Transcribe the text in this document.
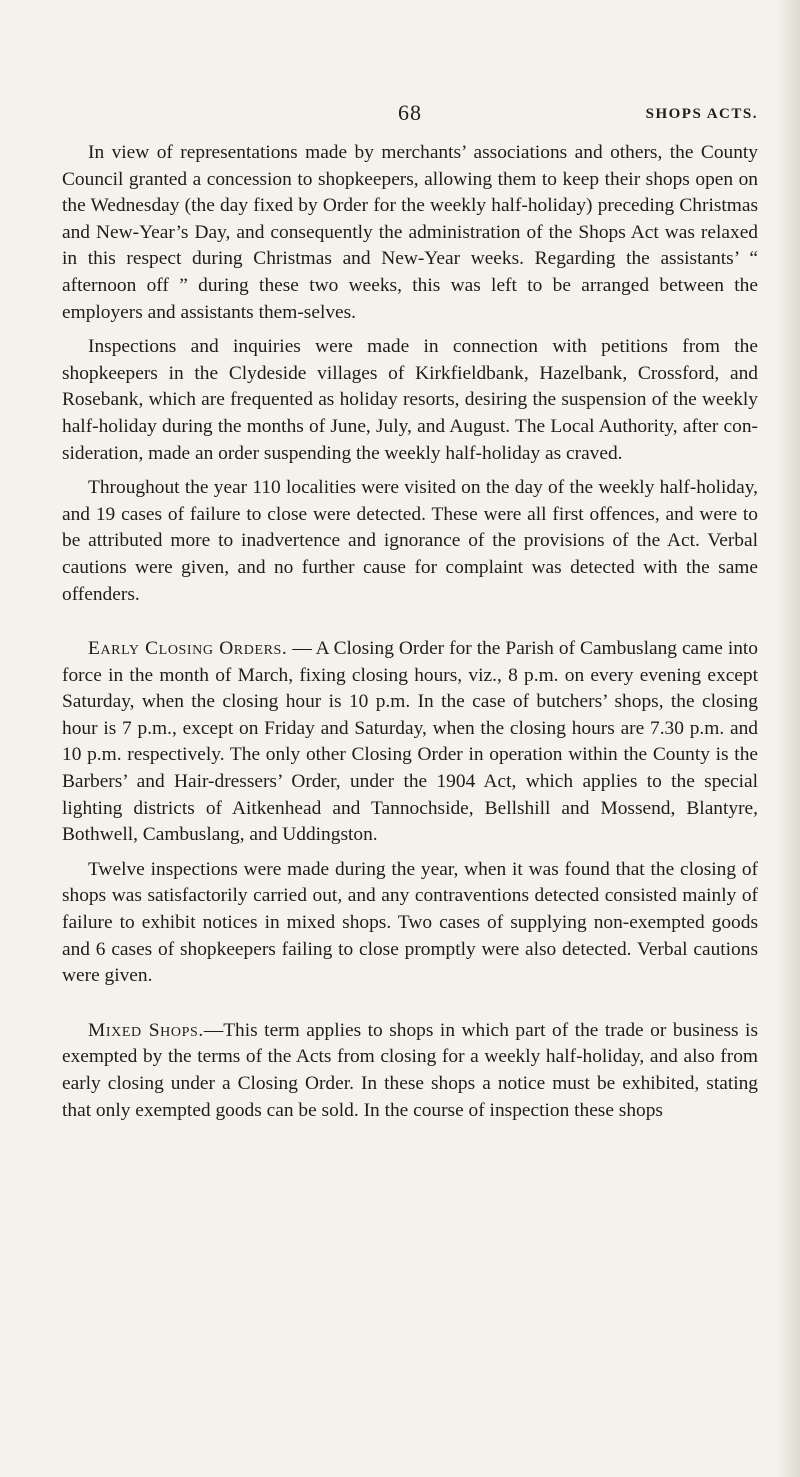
68	SHOPS ACTS.

In view of representations made by merchants’ associations and others, the County Council granted a concession to shopkeepers, allowing them to keep their shops open on the Wednesday (the day fixed by Order for the weekly half-holiday) preceding Christmas and New-Year’s Day, and consequently the administration of the Shops Act was relaxed in this respect during Christmas and New-Year weeks. Regarding the assistants’ “ afternoon off ” during these two weeks, this was left to be arranged between the employers and assistants them-selves.

Inspections and inquiries were made in connection with petitions from the shopkeepers in the Clydeside villages of Kirkfieldbank, Hazelbank, Crossford, and Rosebank, which are frequented as holiday resorts, desiring the suspension of the weekly half-holiday during the months of June, July, and August. The Local Authority, after con-sideration, made an order suspending the weekly half-holiday as craved.

Throughout the year 110 localities were visited on the day of the weekly half-holiday, and 19 cases of failure to close were detected. These were all first offences, and were to be attributed more to inadvertence and ignorance of the provisions of the Act. Verbal cautions were given, and no further cause for complaint was detected with the same offenders.

Early Closing Orders. — A Closing Order for the Parish of Cambuslang came into force in the month of March, fixing closing hours, viz., 8 p.m. on every evening except Saturday, when the closing hour is 10 p.m. In the case of butchers’ shops, the closing hour is 7 p.m., except on Friday and Saturday, when the closing hours are 7.30 p.m. and 10 p.m. respectively. The only other Closing Order in operation within the County is the Barbers’ and Hair-dressers’ Order, under the 1904 Act, which applies to the special lighting districts of Aitkenhead and Tannochside, Bellshill and Mossend, Blantyre, Bothwell, Cambuslang, and Uddingston.

Twelve inspections were made during the year, when it was found that the closing of shops was satisfactorily carried out, and any contraventions detected consisted mainly of failure to exhibit notices in mixed shops. Two cases of supplying non-exempted goods and 6 cases of shopkeepers failing to close promptly were also detected. Verbal cautions were given.

Mixed Shops.—This term applies to shops in which part of the trade or business is exempted by the terms of the Acts from closing for a weekly half-holiday, and also from early closing under a Closing Order. In these shops a notice must be exhibited, stating that only exempted goods can be sold. In the course of inspection these shops
